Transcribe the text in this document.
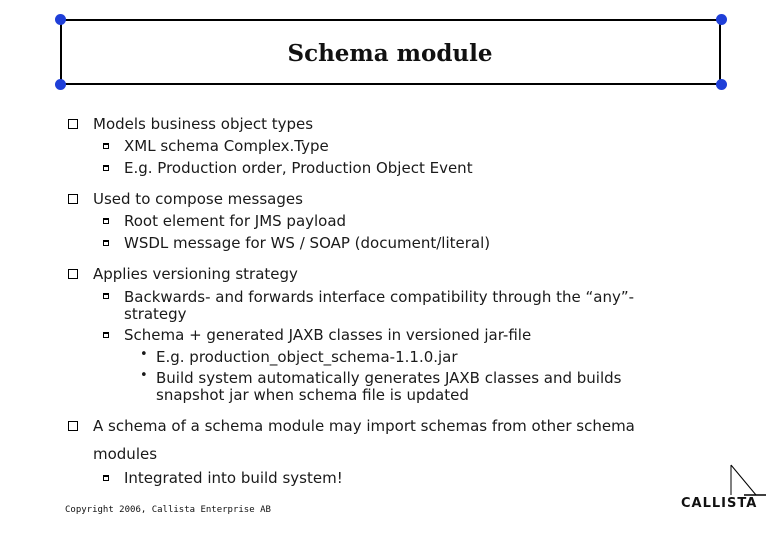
Schema module
Models business object types
XML schema Complex.Type
E.g. Production order, Production Object Event
Used to compose messages
Root element for JMS payload
WSDL message for WS / SOAP (document/literal)
Applies versioning strategy
Backwards- and forwards interface compatibility through the “any”-
strategy
Schema + generated JAXB classes in versioned jar-file
• E.g. production_object_schema-1.1.0.jar
• Build system automatically generates JAXB classes and builds
snapshot jar when schema file is updated
A schema of a schema module may import schemas from other schema
modules
Integrated into build system!
Copyright 2006, Callista Enterprise AB	CALLISTA
